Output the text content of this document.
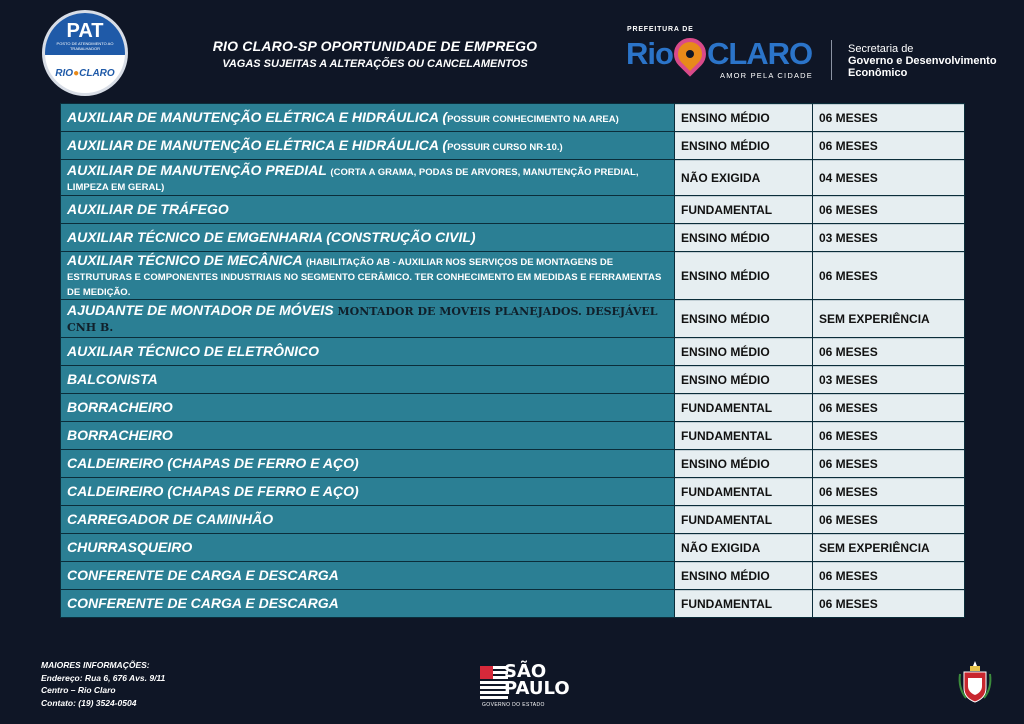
PAT
POSTO DE ATENDIMENTO AO TRABALHADOR
RIO●CLARO
RIO CLARO-SP OPORTUNIDADE DE EMPREGO
VAGAS SUJEITAS A ALTERAÇÕES OU CANCELAMENTOS
PREFEITURA DE
Rio CLARO
AMOR PELA CIDADE
Secretaria de
Governo e Desenvolvimento
Econômico
AUXILIAR DE MANUTENÇÃO ELÉTRICA E HIDRÁULICA (POSSUIR CONHECIMENTO NA AREA)	ENSINO MÉDIO	06 MESES
AUXILIAR DE MANUTENÇÃO ELÉTRICA E HIDRÁULICA (POSSUIR CURSO NR-10.)	ENSINO MÉDIO	06 MESES
AUXILIAR DE MANUTENÇÃO PREDIAL (CORTA A GRAMA, PODAS DE ARVORES, MANUTENÇÃO PREDIAL, LIMPEZA EM GERAL)	NÃO EXIGIDA	04 MESES
AUXILIAR DE TRÁFEGO	FUNDAMENTAL	06 MESES
AUXILIAR TÉCNICO DE EMGENHARIA (CONSTRUÇÃO CIVIL)	ENSINO MÉDIO	03 MESES
AUXILIAR TÉCNICO DE MECÂNICA (HABILITAÇÃO AB - AUXILIAR NOS SERVIÇOS DE MONTAGENS DE ESTRUTURAS E COMPONENTES INDUSTRIAIS NO SEGMENTO CERÂMICO. TER CONHECIMENTO EM MEDIDAS E FERRAMENTAS DE MEDIÇÃO.	ENSINO MÉDIO	06 MESES
AJUDANTE DE MONTADOR DE MÓVEIS MONTADOR DE MOVEIS PLANEJADOS. DESEJÁVEL CNH B.	ENSINO MÉDIO	SEM EXPERIÊNCIA
AUXILIAR TÉCNICO DE ELETRÔNICO	ENSINO MÉDIO	06 MESES
BALCONISTA	ENSINO MÉDIO	03 MESES
BORRACHEIRO	FUNDAMENTAL	06 MESES
BORRACHEIRO	FUNDAMENTAL	06 MESES
CALDEIREIRO (CHAPAS DE FERRO E AÇO)	ENSINO MÉDIO	06 MESES
CALDEIREIRO (CHAPAS DE FERRO E AÇO)	FUNDAMENTAL	06 MESES
CARREGADOR DE CAMINHÃO	FUNDAMENTAL	06 MESES
CHURRASQUEIRO	NÃO EXIGIDA	SEM EXPERIÊNCIA
CONFERENTE DE CARGA E DESCARGA	ENSINO MÉDIO	06 MESES
CONFERENTE DE CARGA E DESCARGA	FUNDAMENTAL	06 MESES
MAIORES INFORMAÇÕES:
Endereço: Rua 6, 676 Avs. 9/11
Centro – Rio Claro
Contato: (19) 3524-0504
SÃO
PAULO
GOVERNO DO ESTADO
